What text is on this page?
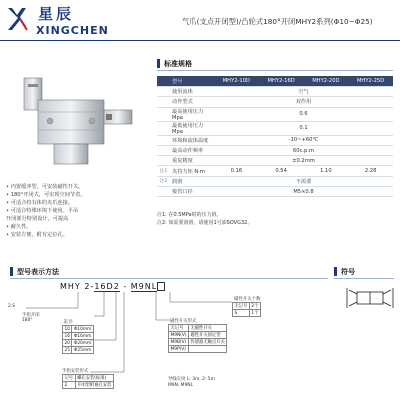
星辰
XINGCHEN
气爪(支点开闭型)/凸轮式180°开闭MHY2系列(Φ10~Φ25)
• 内置缓冲型，可安装磁性开关。
• 180°开闭式，可实现空间节省。
• 可适合持有体的夹爪连接。
• 可适合特殊环境下使用。平吊
开闭部分特别设计，可提高
• 耐久性。
• 安装方便，附有定位孔。
标准规格
	型号	MHY2-10D	MHY2-16D	MHY2-20D	MHY2-25D
	使用流体	空气			
	动作型式	双作用			
	最高使用压力 Mpa	0.6			
	最低使用压力 Mpa	0.1			
	环境和流体温度	-10~+60℃			
	最高动作频率	60c.p.m			
	重复精度	±0.2mm			
注1	夹持力矩 N·m	0.16	0.54	1.10	2.28
注2	润滑	不需要			
	接管口径	M5×0.8			
注1: 在0.5MPa时的压力值。
注2: 如需要润滑，请使用1号油SOVG32。
型号表示方法
MHY 2-16D2 - M9NL
2.S
手指开闭
180°	缸径
10	Φ10mm
16	Φ16mm
20	Φ20mm
25	Φ25mm
手指安装形式
记号	螺孔安装(标准)
2	开闭型附通孔安装
磁性开关形式
无记号	无磁性开关
M9N(V)	磁性开关固定型
M9B(V)	传感器无触点开关
M9P(V)	
导线长度 L: 3m, 2: 5m
M9N, M9NL
磁性开关个数
无记号	2个
S	1个
符号
